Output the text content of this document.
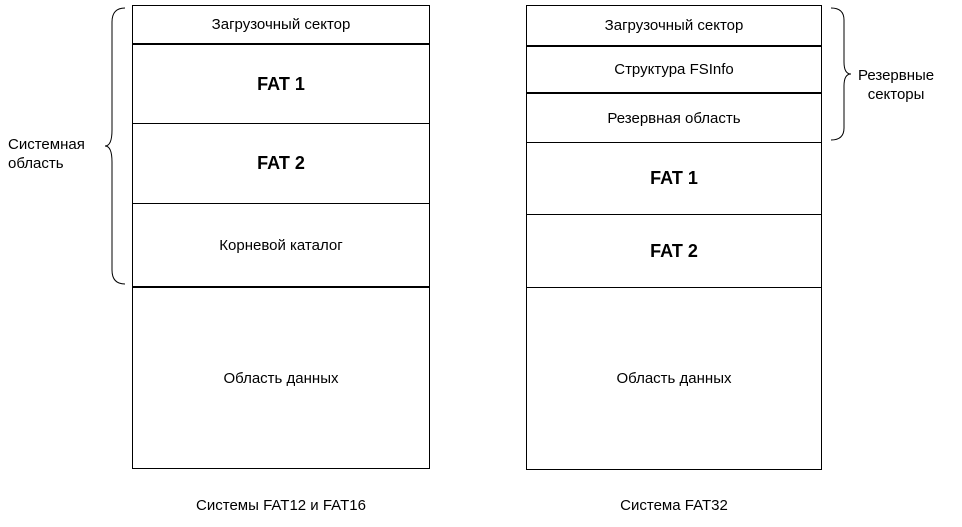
Загрузочный сектор
FAT 1
FAT 2
Корневой каталог
Область данных
Системная
область
Системы FAT12 и FAT16
Загрузочный сектор
Структура FSInfo
Резервная область
FAT 1
FAT 2
Область данных
Резервные
секторы
Система FAT32
